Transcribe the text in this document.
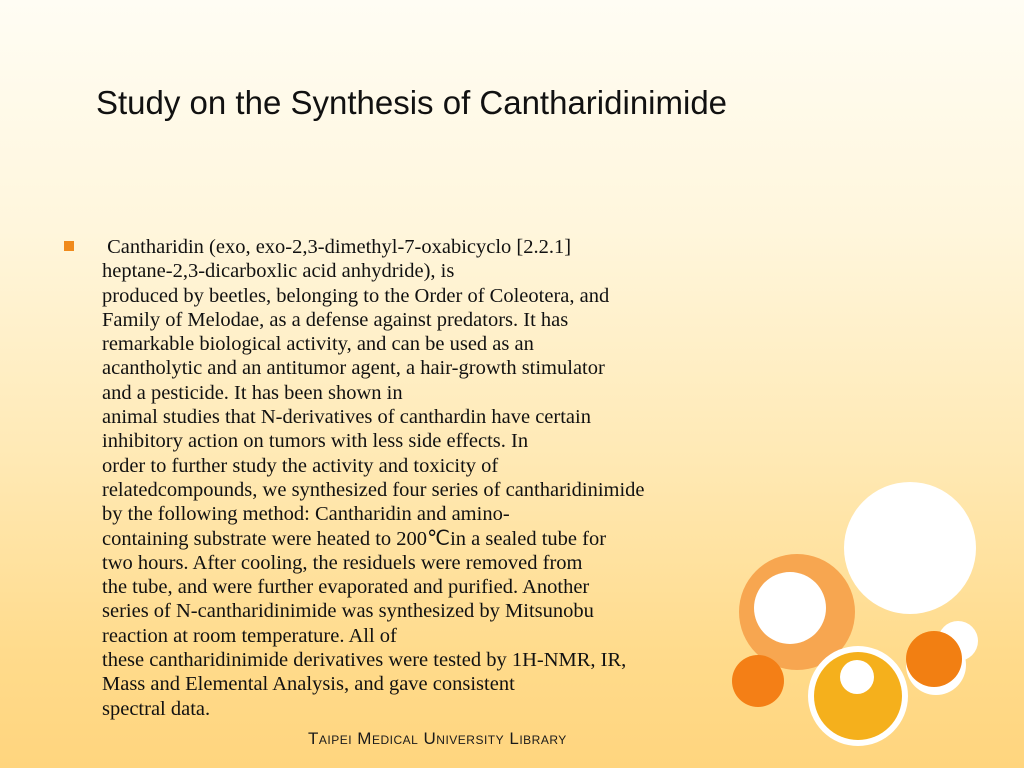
Study on the Synthesis of Cantharidinimide
Cantharidin (exo, exo-2,3-dimethyl-7-oxabicyclo [2.2.1]
heptane-2,3-dicarboxlic acid anhydride), is
produced by beetles, belonging to the Order of Coleotera, and
Family of Melodae, as a defense against predators. It has
remarkable biological activity, and can be used as an
acantholytic and an antitumor agent, a hair-growth stimulator
and a pesticide. It has been shown in
animal studies that N-derivatives of canthardin have certain
inhibitory action on tumors with less side effects. In
order to further study the activity and toxicity of
relatedcompounds, we synthesized four series of cantharidinimide
by the following method: Cantharidin and amino-
containing substrate were heated to 200℃in a sealed tube for
two hours. After cooling, the residuels were removed from
the tube, and were further evaporated and purified. Another
series of N-cantharidinimide was synthesized by Mitsunobu
reaction at room temperature. All of
these cantharidinimide derivatives were tested by 1H-NMR, IR,
Mass and Elemental Analysis, and gave consistent
spectral data.
Taipei Medical University Library
